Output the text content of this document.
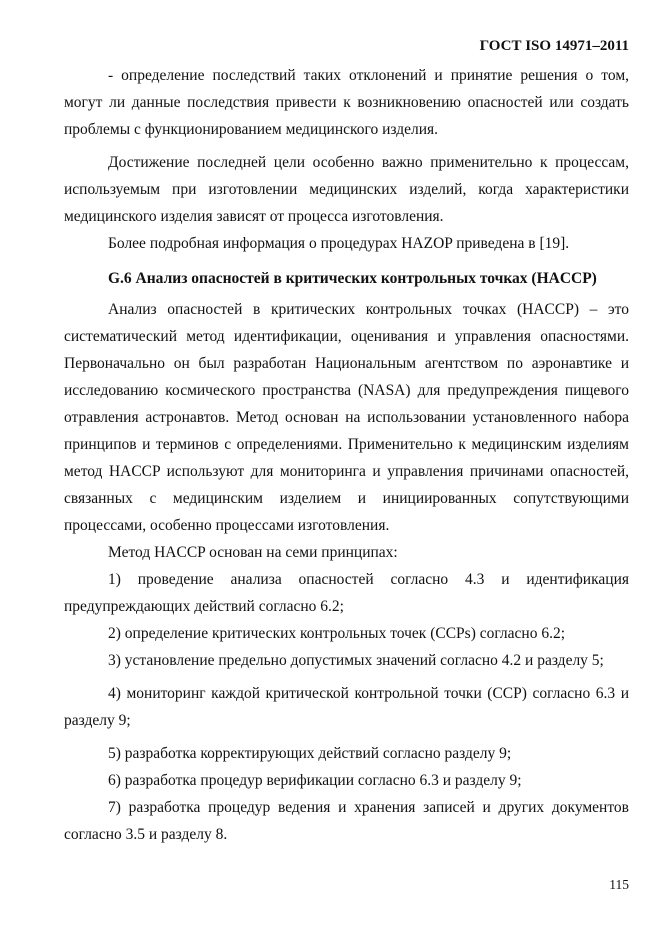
ГОСТ ISO 14971–2011

- определение последствий таких отклонений и принятие решения о том, могут ли данные последствия привести к возникновению опасностей или создать проблемы с функционированием медицинского изделия.

Достижение последней цели особенно важно применительно к процессам, используемым при изготовлении медицинских изделий, когда характеристики медицинского изделия зависят от процесса изготовления.

Более подробная информация о процедурах HAZOP приведена в [19].

G.6 Анализ опасностей в критических контрольных точках (HACCP)

Анализ опасностей в критических контрольных точках (HACCP) – это систематический метод идентификации, оценивания и управления опасностями. Первоначально он был разработан Национальным агентством по аэронавтике и исследованию космического пространства (NASA) для предупреждения пищевого отравления астронавтов. Метод основан на использовании установленного набора принципов и терминов с определениями. Применительно к медицинским изделиям метод HACCP используют для мониторинга и управления причинами опасностей, связанных с медицинским изделием и инициированных сопутствующими процессами, особенно процессами изготовления.

Метод HACCP основан на семи принципах:

1) проведение анализа опасностей согласно 4.3 и идентификация предупреждающих действий согласно 6.2;

2) определение критических контрольных точек (CCPs) согласно 6.2;

3) установление предельно допустимых значений согласно 4.2 и разделу 5;

4) мониторинг каждой критической контрольной точки (CCP) согласно 6.3 и разделу 9;

5) разработка корректирующих действий согласно разделу 9;

6) разработка процедур верификации согласно 6.3 и разделу 9;

7) разработка процедур ведения и хранения записей и других документов согласно 3.5 и разделу 8.

115
